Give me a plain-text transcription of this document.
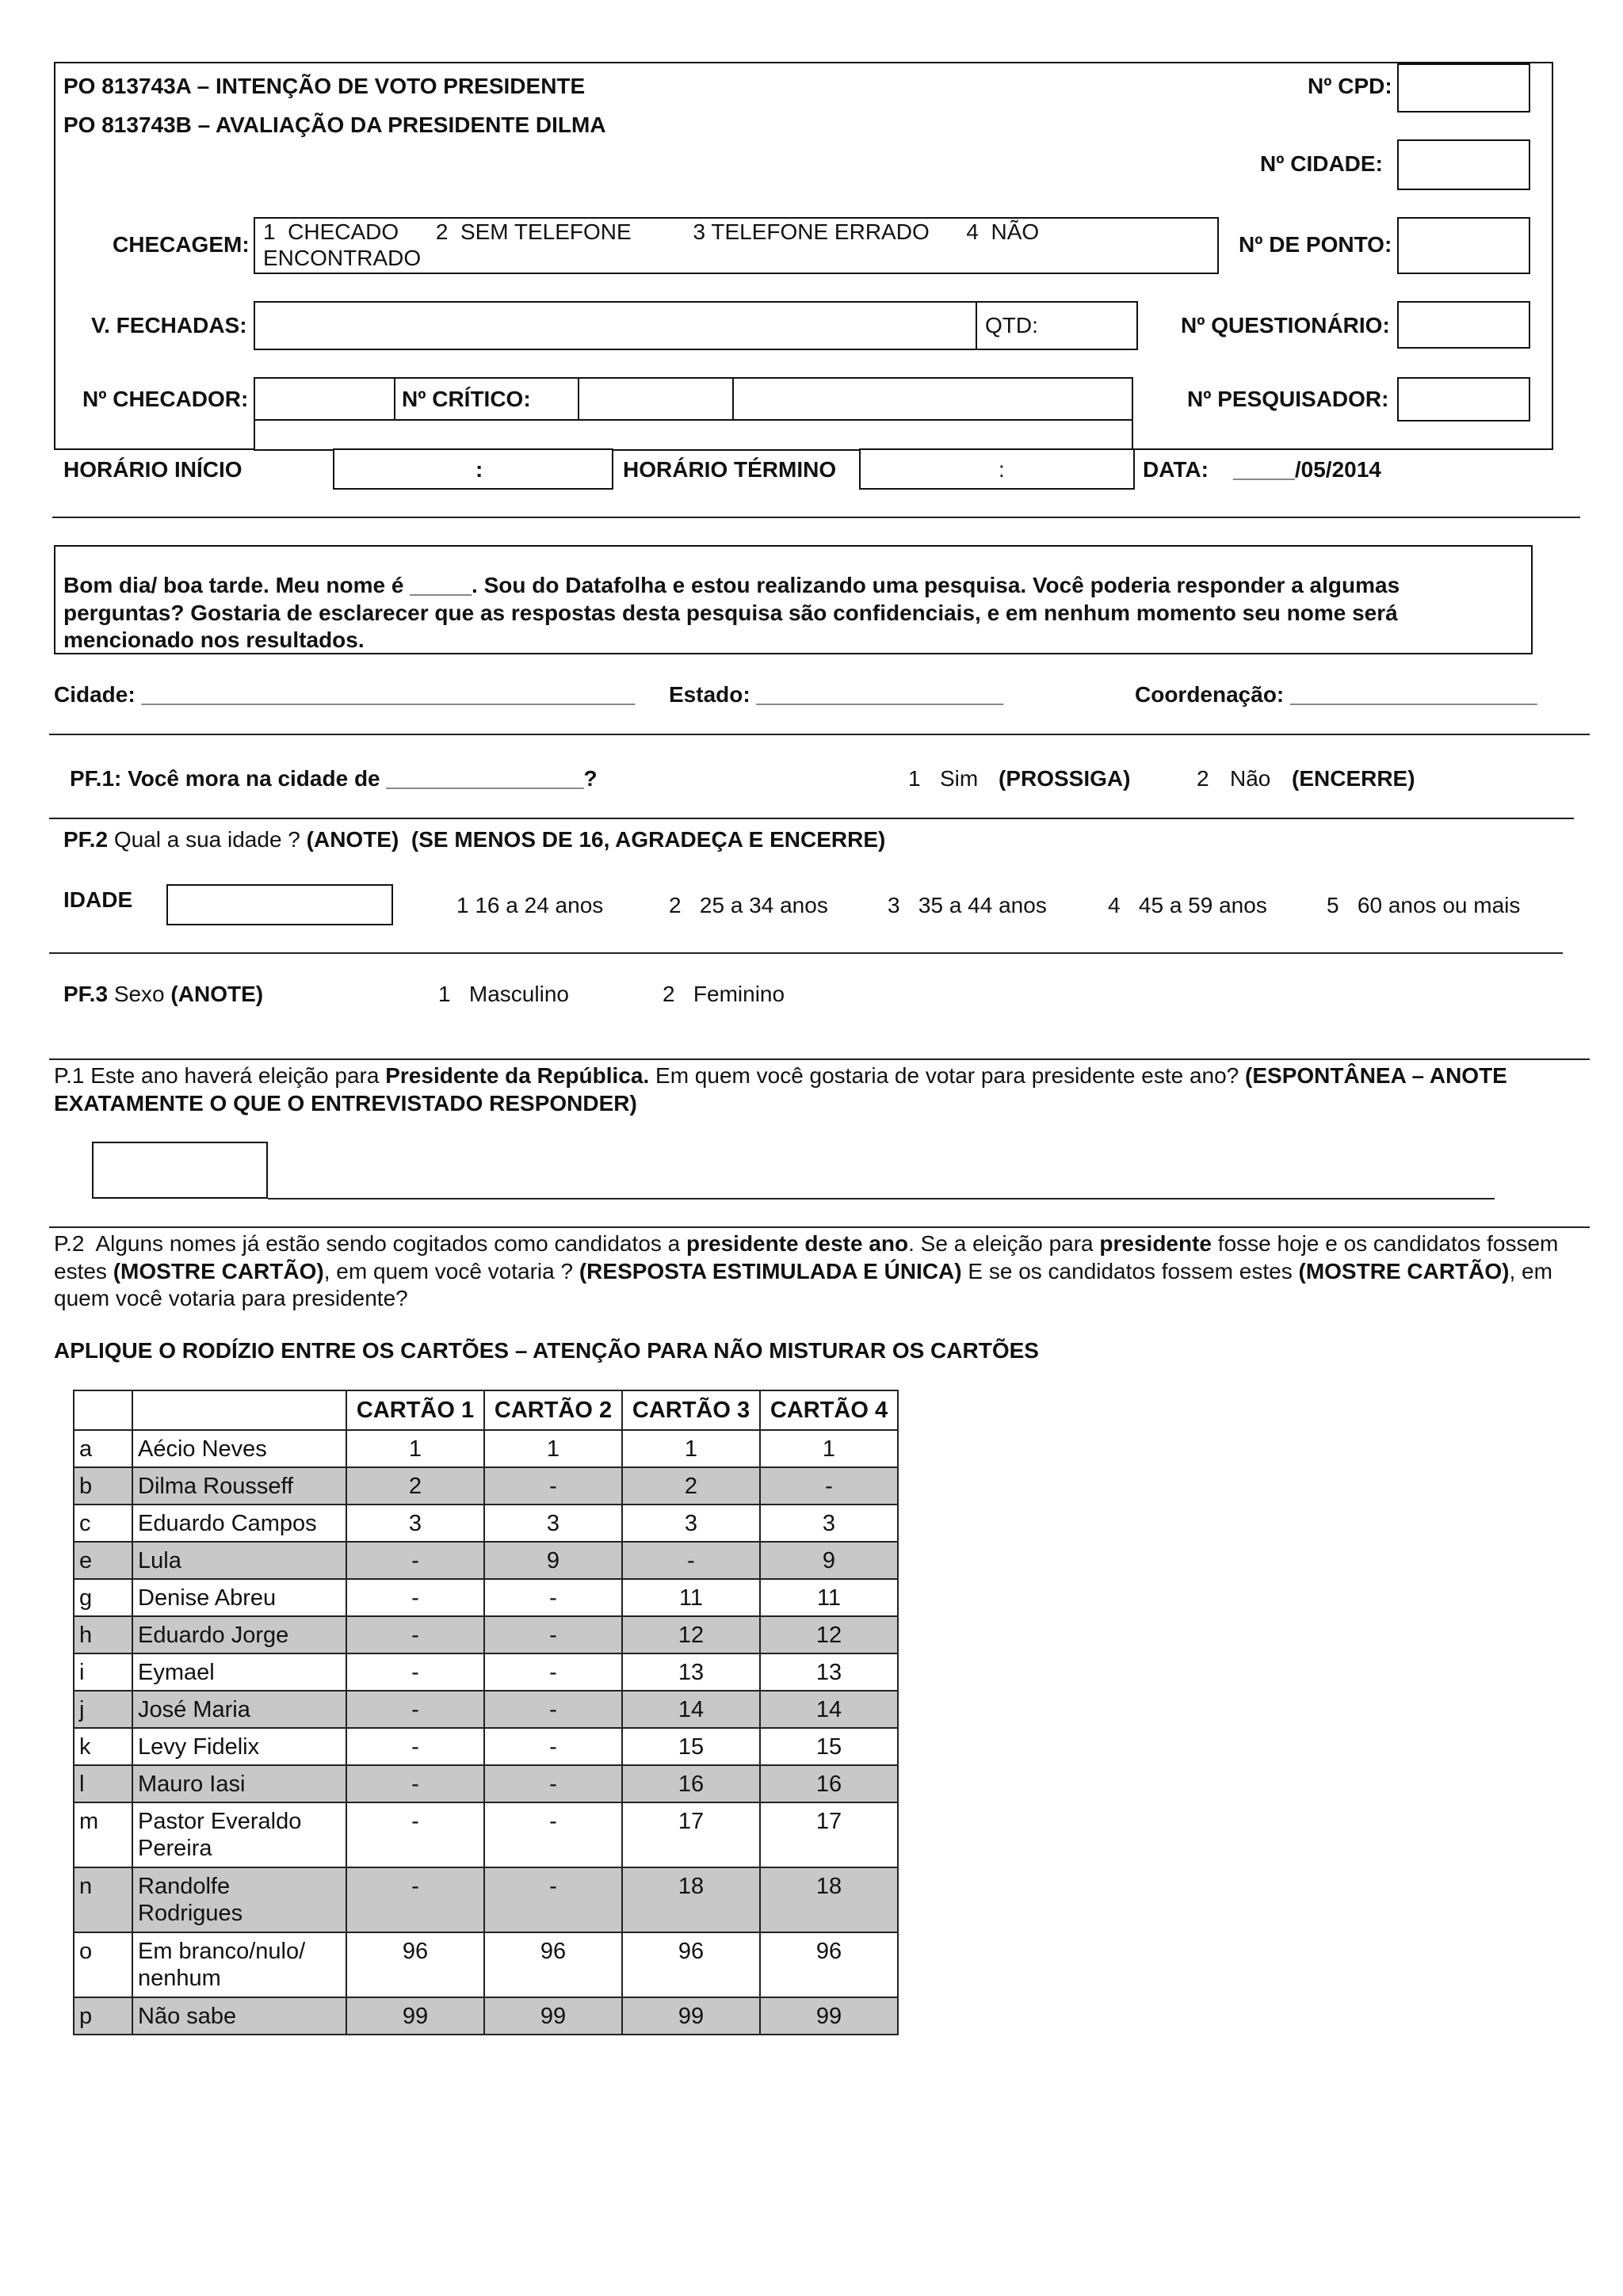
PO 813743A – INTENÇÃO DE VOTO PRESIDENTE
PO 813743B – AVALIAÇÃO DA PRESIDENTE DILMA
Nº CPD:
Nº CIDADE:
CHECAGEM:
1  CHECADO      2  SEM TELEFONE          3 TELEFONE ERRADO      4  NÃO
ENCONTRADO
Nº DE PONTO:
V. FECHADAS:	QTD:	Nº QUESTIONÁRIO:
Nº CHECADOR:	Nº CRÍTICO:	Nº PESQUISADOR:
HORÁRIO INÍCIO	:	HORÁRIO TÉRMINO	:	DATA: _____/05/2014
Bom dia/ boa tarde. Meu nome é _____. Sou do Datafolha e estou realizando uma pesquisa. Você poderia responder a algumas perguntas? Gostaria de esclarecer que as respostas desta pesquisa são confidenciais, e em nenhum momento seu nome será mencionado nos resultados.
Cidade: ________________________________________ Estado: ____________________	Coordenação: ____________________
PF.1: Você mora na cidade de ________________?	1 Sim (PROSSIGA)	2 Não (ENCERRE)
PF.2 Qual a sua idade ? (ANOTE)  (SE MENOS DE 16, AGRADEÇA E ENCERRE)
IDADE	1 16 a 24 anos	2   25 a 34 anos	3   35 a 44 anos	4   45 a 59 anos	5   60 anos ou mais
PF.3 Sexo (ANOTE)	1   Masculino	2   Feminino
P.1 Este ano haverá eleição para Presidente da República. Em quem você gostaria de votar para presidente este ano? (ESPONTÂNEA – ANOTE EXATAMENTE O QUE O ENTREVISTADO RESPONDER)
P.2 Alguns nomes já estão sendo cogitados como candidatos a presidente deste ano. Se a eleição para presidente fosse hoje e os candidatos fossem estes (MOSTRE CARTÃO), em quem você votaria ? (RESPOSTA ESTIMULADA E ÚNICA) E se os candidatos fossem estes (MOSTRE CARTÃO), em quem você votaria para presidente?
APLIQUE O RODÍZIO ENTRE OS CARTÕES – ATENÇÃO PARA NÃO MISTURAR OS CARTÕES
		CARTÃO 1	CARTÃO 2	CARTÃO 3	CARTÃO 4
a	Aécio Neves	1	1	1	1
b	Dilma Rousseff	2	-	2	-
c	Eduardo Campos	3	3	3	3
e	Lula	-	9	-	9
g	Denise Abreu	-	-	11	11
h	Eduardo Jorge	-	-	12	12
i	Eymael	-	-	13	13
j	José Maria	-	-	14	14
k	Levy Fidelix	-	-	15	15
l	Mauro Iasi	-	-	16	16
m	Pastor Everaldo Pereira	-	-	17	17
n	Randolfe Rodrigues	-	-	18	18
o	Em branco/nulo/ nenhum	96	96	96	96
p	Não sabe	99	99	99	99
